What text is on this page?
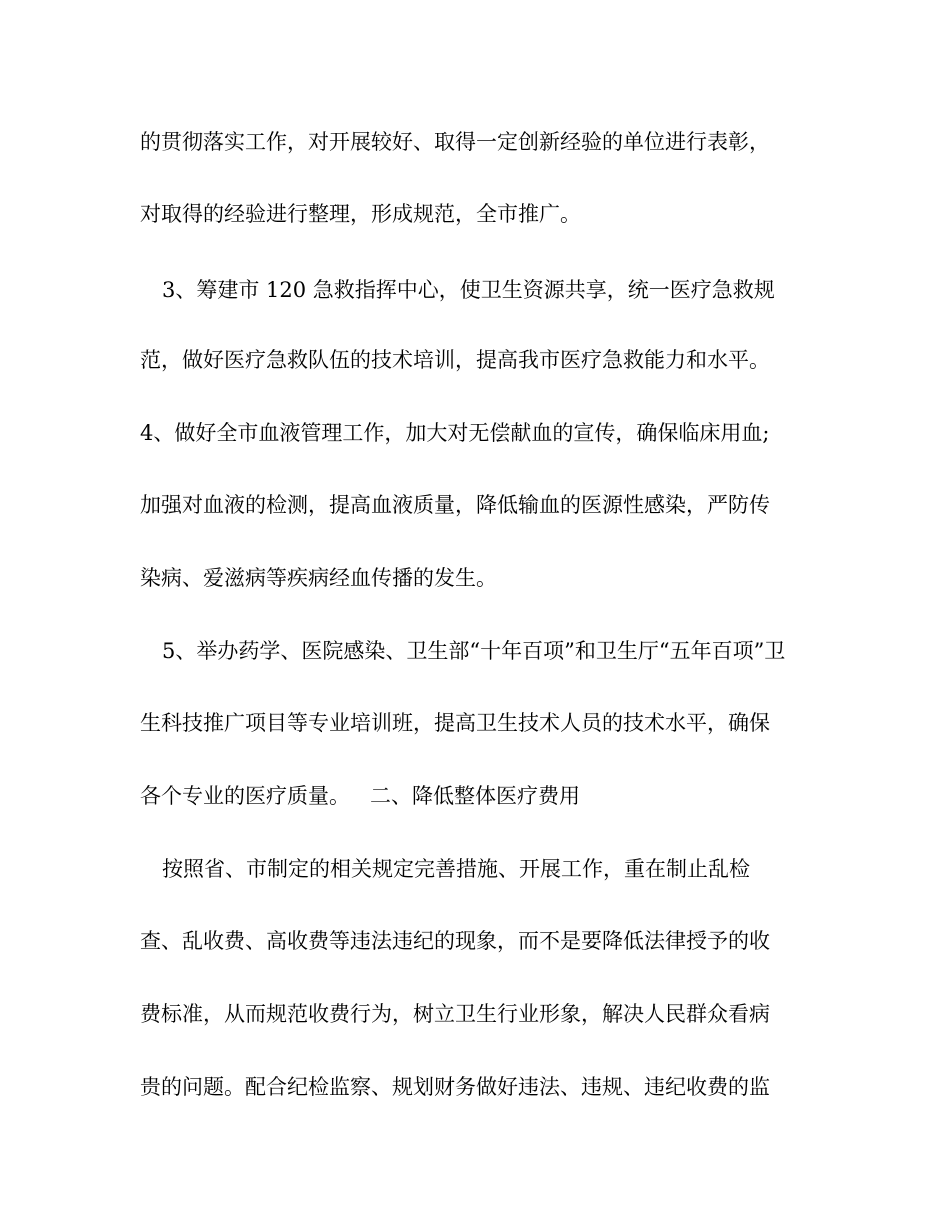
的贯彻落实工作，对开展较好、取得一定创新经验的单位进行表彰，

对取得的经验进行整理，形成规范，全市推广。

3、筹建市 120 急救指挥中心，使卫生资源共享，统一医疗急救规

范，做好医疗急救队伍的技术培训，提高我市医疗急救能力和水平。

4、做好全市血液管理工作，加大对无偿献血的宣传，确保临床用血;

加强对血液的检测，提高血液质量，降低输血的医源性感染，严防传

染病、爱滋病等疾病经血传播的发生。

5、举办药学、医院感染、卫生部“十年百项”和卫生厅“五年百项”卫

生科技推广项目等专业培训班，提高卫生技术人员的技术水平，确保

各个专业的医疗质量。   二、降低整体医疗费用

按照省、市制定的相关规定完善措施、开展工作，重在制止乱检

查、乱收费、高收费等违法违纪的现象，而不是要降低法律授予的收

费标准，从而规范收费行为，树立卫生行业形象，解决人民群众看病

贵的问题。配合纪检监察、规划财务做好违法、违规、违纪收费的监
